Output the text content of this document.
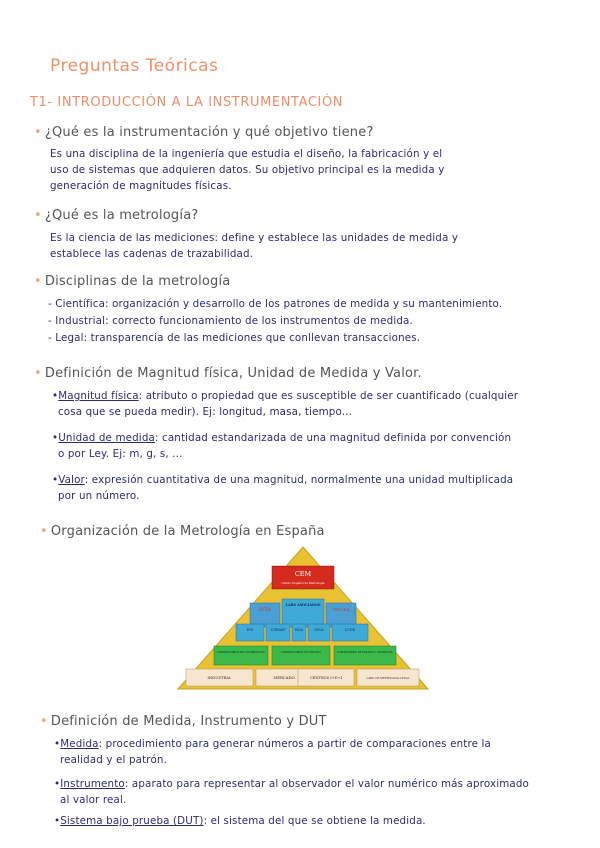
Preguntas Teóricas
T1- INTRODUCCIÓN A LA INSTRUMENTACIÓN
• ¿Qué es la instrumentación y qué objetivo tiene?
Es una disciplina de la ingeniería que estudia el diseño, la fabricación y el
uso de sistemas que adquieren datos. Su objetivo principal es la medida y
generación de magnitudes físicas.
• ¿Qué es la metrología?
Es la ciencia de las mediciones: define y establece las unidades de medida y
establece las cadenas de trazabilidad.
• Disciplinas de la metrología
- Científica: organización y desarrollo de los patrones de medida y su mantenimiento.
- Industrial: correcto funcionamiento de los instrumentos de medida.
- Legal: transparencia de las mediciones que conllevan transacciones.
• Definición de Magnitud física, Unidad de Medida y Valor.
•Magnitud física: atributo o propiedad que es susceptible de ser cuantificado (cualquier
cosa que se pueda medir). Ej: longitud, masa, tiempo...
•Unidad de medida: cantidad estandarizada de una magnitud definida por convención
o por Ley. Ej: m, g, s, ...
•Valor: expresión cuantitativa de una magnitud, normalmente una unidad multiplicada
por un número.
• Organización de la Metrología en España
CEM
Centro Español de Metrología
INTA
LABS ASOCIADOS
TPYCEA
IFS	CIEMAT	ROA	IOCA	LCOE
LABORATORIOS DE CALIBRACIÓN	LABORATORIOS DE ENSAYO	LABORATORIOS DE ENSAYOS Y CONTROLES
INDUSTRIA	MERCADO	CENTROS I+D+I	LABS. DE METROLOGÍA LEGAL
• Definición de Medida, Instrumento y DUT
•Medida: procedimiento para generar números a partir de comparaciones entre la
realidad y el patrón.
•Instrumento: aparato para representar al observador el valor numérico más aproximado
al valor real.
•Sistema bajo prueba (DUT): el sistema del que se obtiene la medida.
